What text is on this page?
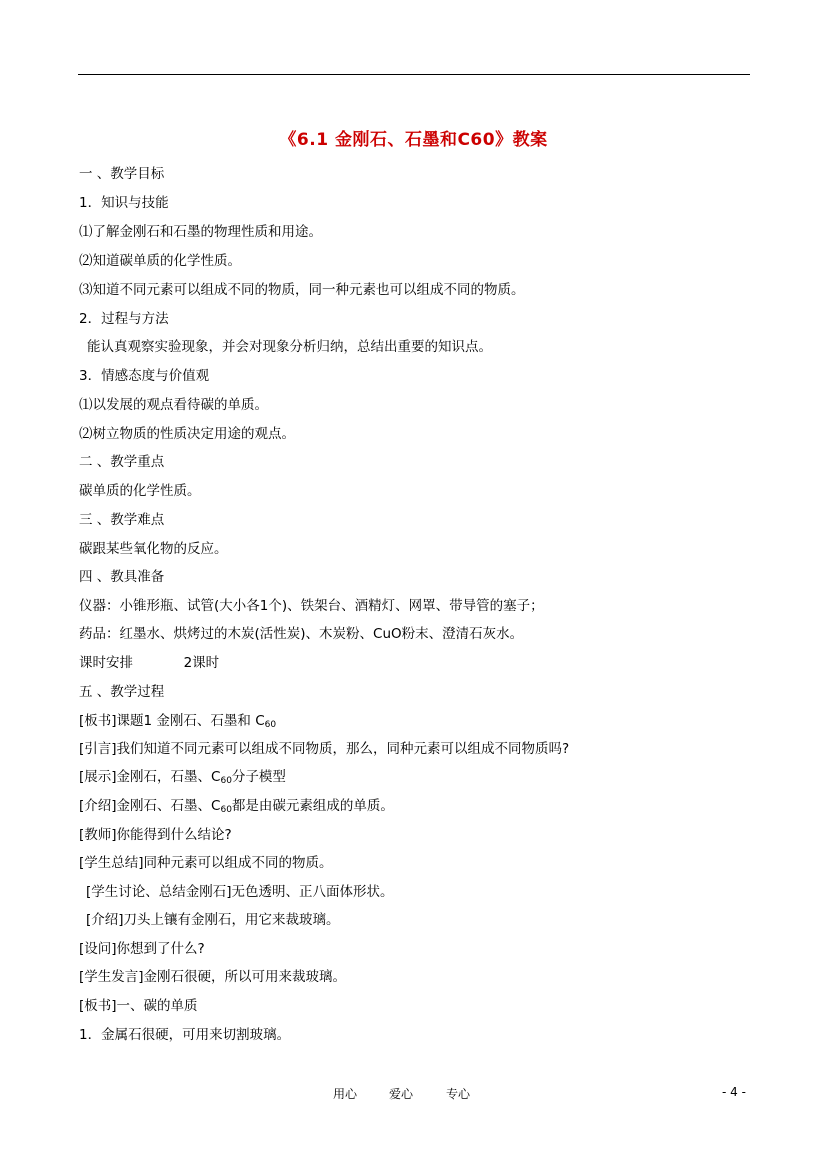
《6.1 金刚石、石墨和C60》教案
一 、教学目标
1．知识与技能
⑴了解金刚石和石墨的物理性质和用途。
⑵知道碳单质的化学性质。
⑶知道不同元素可以组成不同的物质，同一种元素也可以组成不同的物质。
2．过程与方法
能认真观察实验现象，并会对现象分析归纳，总结出重要的知识点。
3．情感态度与价值观
⑴以发展的观点看待碳的单质。
⑵树立物质的性质决定用途的观点。
二 、教学重点
碳单质的化学性质。
三 、教学难点
碳跟某些氧化物的反应。
四 、教具准备
仪器：小锥形瓶、试管(大小各1个)、铁架台、酒精灯、网罩、带导管的塞子；
药品：红墨水、烘烤过的木炭(活性炭)、木炭粉、CuO粉末、澄清石灰水。
课时安排	2课时
五 、教学过程
[板书]课题1 金刚石、石墨和 $C_{60}$
[引言]我们知道不同元素可以组成不同物质，那么，同种元素可以组成不同物质吗?
[展示]金刚石，石墨、$C_{60}$分子模型
[介绍]金刚石、石墨、$C_{60}$都是由碳元素组成的单质。
[教师]你能得到什么结论?
[学生总结]同种元素可以组成不同的物质。
[学生讨论、总结金刚石]无色透明、正八面体形状。
[介绍]刀头上镶有金刚石，用它来裁玻璃。
[设问]你想到了什么?
[学生发言]金刚石很硬，所以可用来裁玻璃。
[板书]一、碳的单质
1．金属石很硬，可用来切割玻璃。
用心	爱心	专心	- 4 -
